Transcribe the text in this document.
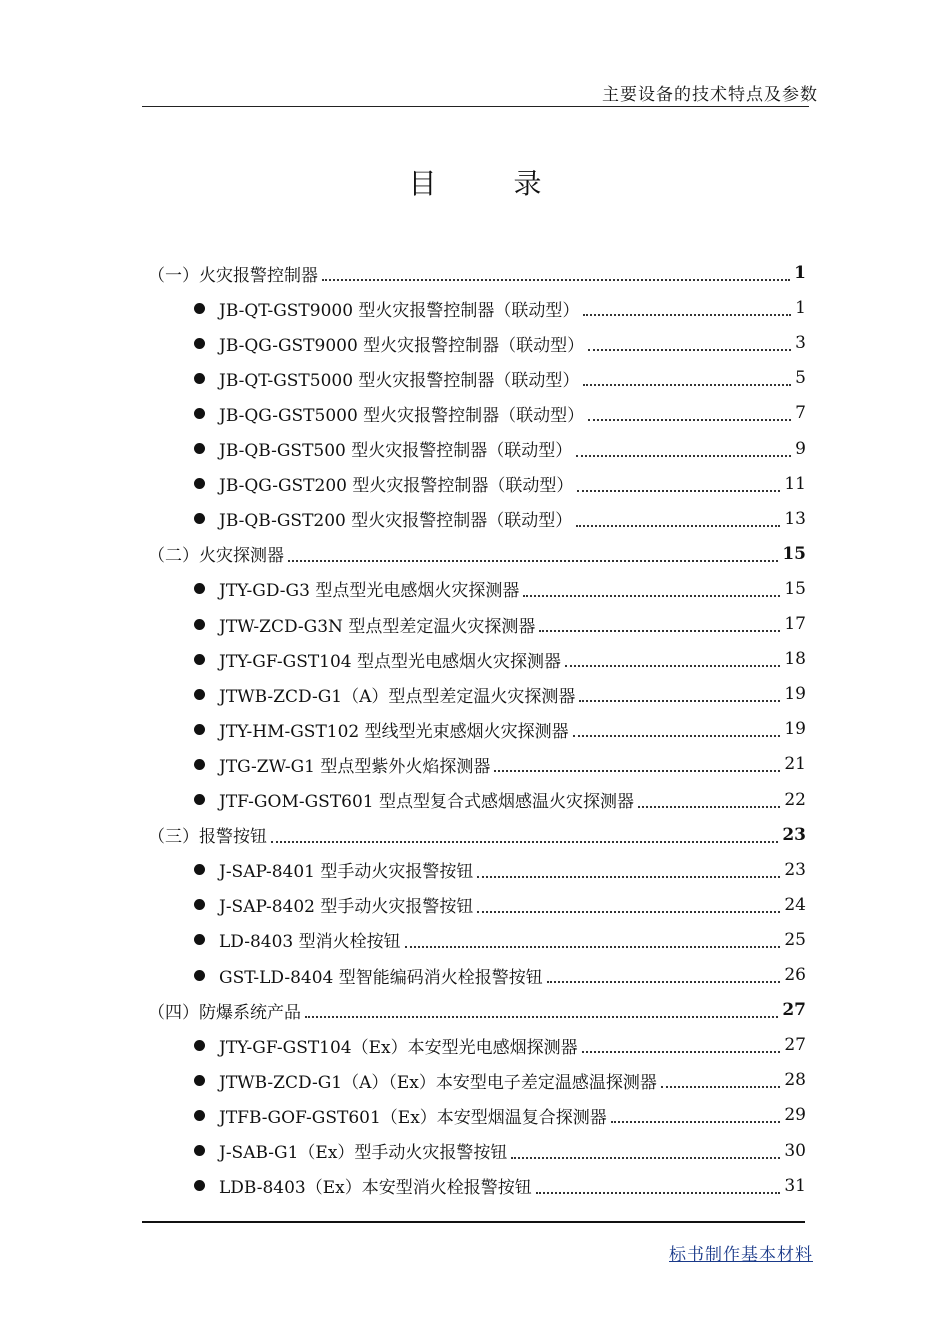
主要设备的技术特点及参数
目 录
（一）火灾报警控制器	1
JB-QT-GST9000 型火灾报警控制器（联动型）	1
JB-QG-GST9000 型火灾报警控制器（联动型）	3
JB-QT-GST5000 型火灾报警控制器（联动型）	5
JB-QG-GST5000 型火灾报警控制器（联动型）	7
JB-QB-GST500 型火灾报警控制器（联动型）	9
JB-QG-GST200 型火灾报警控制器（联动型）	11
JB-QB-GST200 型火灾报警控制器（联动型）	13
（二）火灾探测器	15
JTY-GD-G3 型点型光电感烟火灾探测器	15
JTW-ZCD-G3N 型点型差定温火灾探测器	17
JTY-GF-GST104 型点型光电感烟火灾探测器	18
JTWB-ZCD-G1（A）型点型差定温火灾探测器	19
JTY-HM-GST102 型线型光束感烟火灾探测器	19
JTG-ZW-G1 型点型紫外火焰探测器	21
JTF-GOM-GST601 型点型复合式感烟感温火灾探测器	22
（三）报警按钮	23
J-SAP-8401 型手动火灾报警按钮	23
J-SAP-8402 型手动火灾报警按钮	24
LD-8403 型消火栓按钮	25
GST-LD-8404 型智能编码消火栓报警按钮	26
（四）防爆系统产品	27
JTY-GF-GST104（Ex）本安型光电感烟探测器	27
JTWB-ZCD-G1（A）（Ex）本安型电子差定温感温探测器	28
JTFB-GOF-GST601（Ex）本安型烟温复合探测器	29
J-SAB-G1（Ex）型手动火灾报警按钮	30
LDB-8403（Ex）本安型消火栓报警按钮	31
标书制作基本材料
